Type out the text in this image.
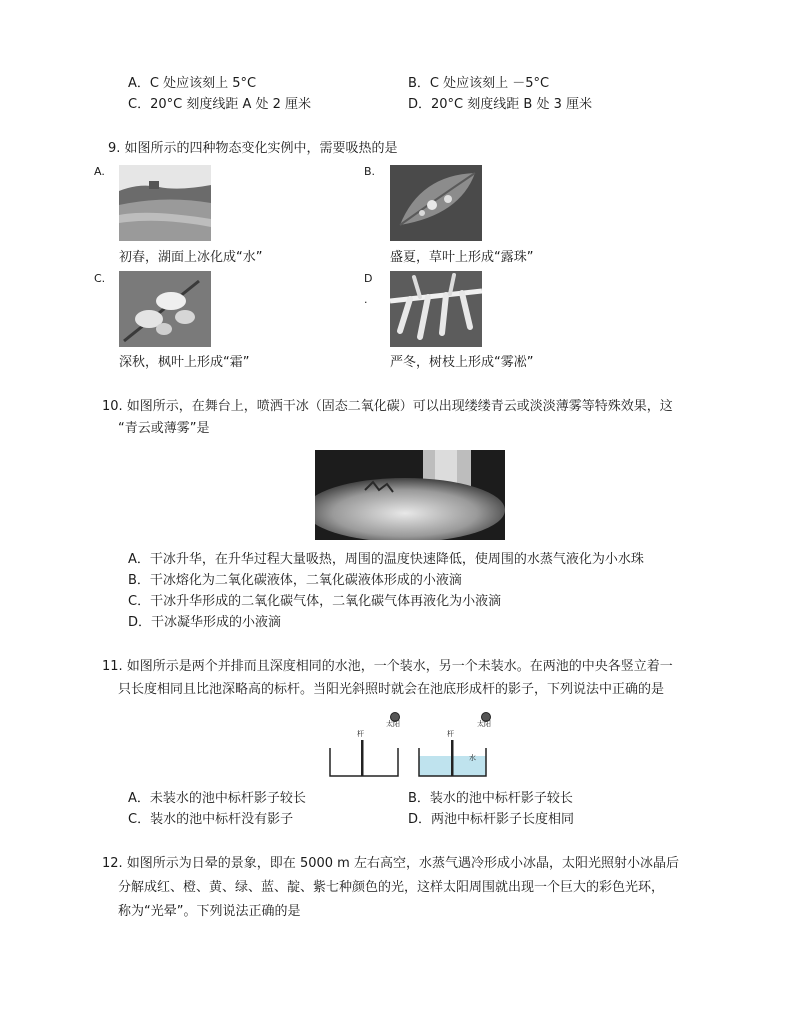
A．C 处应该刻上 5°C	B．C 处应该刻上 －5°C
C．20°C 刻度线距 A 处 2 厘米	D．20°C 刻度线距 B 处 3 厘米
9. 如图所示的四种物态变化实例中，需要吸热的是
A.
初春，湖面上冰化成“水”
B.
盛夏，草叶上形成“露珠”
C.
深秋，枫叶上形成“霜”
D
.
严冬，树枝上形成“雾凇”
10. 如图所示，在舞台上，喷洒干冰（固态二氧化碳）可以出现缕缕青云或淡淡薄雾等特殊效果，这
“青云或薄雾”是
A．干冰升华，在升华过程大量吸热，周围的温度快速降低，使周围的水蒸气液化为小水珠
B．干冰熔化为二氧化碳液体，二氧化碳液体形成的小液滴
C．干冰升华形成的二氧化碳气体，二氧化碳气体再液化为小液滴
D．干冰凝华形成的小液滴
11. 如图所示是两个并排而且深度相同的水池，一个装水，另一个未装水。在两池的中央各竖立着一
只长度相同且比池深略高的标杆。当阳光斜照时就会在池底形成杆的影子，下列说法中正确的是
太阳	太阳
杆	杆
水
A．未装水的池中标杆影子较长	B．装水的池中标杆影子较长
C．装水的池中标杆没有影子	D．两池中标杆影子长度相同
12. 如图所示为日晕的景象，即在 5000 m 左右高空，水蒸气遇冷形成小冰晶，太阳光照射小冰晶后
分解成红、橙、黄、绿、蓝、靛、紫七种颜色的光，这样太阳周围就出现一个巨大的彩色光环，
称为“光晕”。下列说法正确的是
